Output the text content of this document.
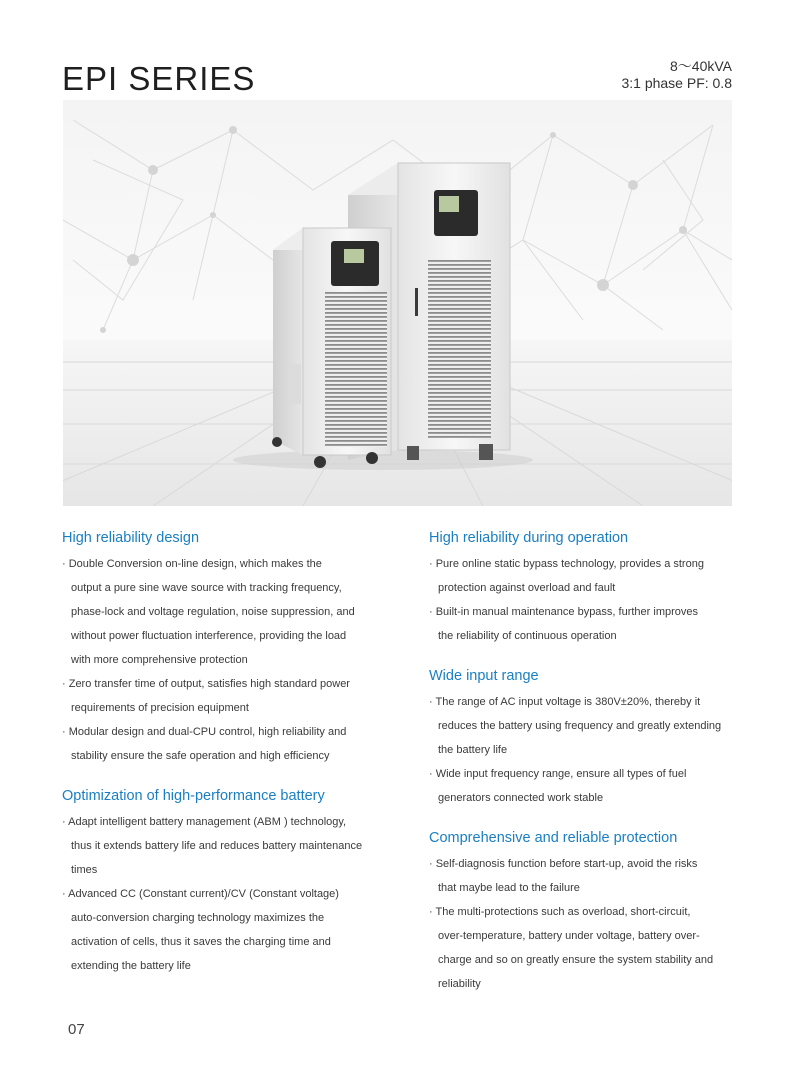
EPI SERIES	8～40kVA
3:1 phase PF: 0.8
High reliability design
· Double Conversion on-line design, which makes the
output a pure sine wave source with tracking frequency,
phase-lock and voltage regulation, noise suppression, and
without power fluctuation interference, providing the load
with more comprehensive protection
· Zero transfer time of output, satisfies high standard power
requirements of precision equipment
· Modular design and dual-CPU control, high reliability and
stability ensure the safe operation and high efficiency
Optimization of high-performance battery
· Adapt intelligent battery management (ABM ) technology,
thus it extends battery life and reduces battery maintenance
times
· Advanced CC (Constant current)/CV (Constant voltage)
auto-conversion charging technology maximizes the
activation of cells, thus it saves the charging time and
extending the battery life
High reliability during operation
· Pure online static bypass technology, provides a strong
protection against overload and fault
· Built-in manual maintenance bypass, further improves
the reliability of continuous operation
Wide input range
· The range of AC input voltage is 380V±20%, thereby it
reduces the battery using frequency and greatly extending
the battery life
· Wide input frequency range, ensure all types of fuel
generators connected work stable
Comprehensive and reliable protection
· Self-diagnosis function before start-up, avoid the risks
that maybe lead to the failure
· The multi-protections such as overload, short-circuit,
over-temperature, battery under voltage, battery over-
charge and so on greatly ensure the system stability and
reliability
07
